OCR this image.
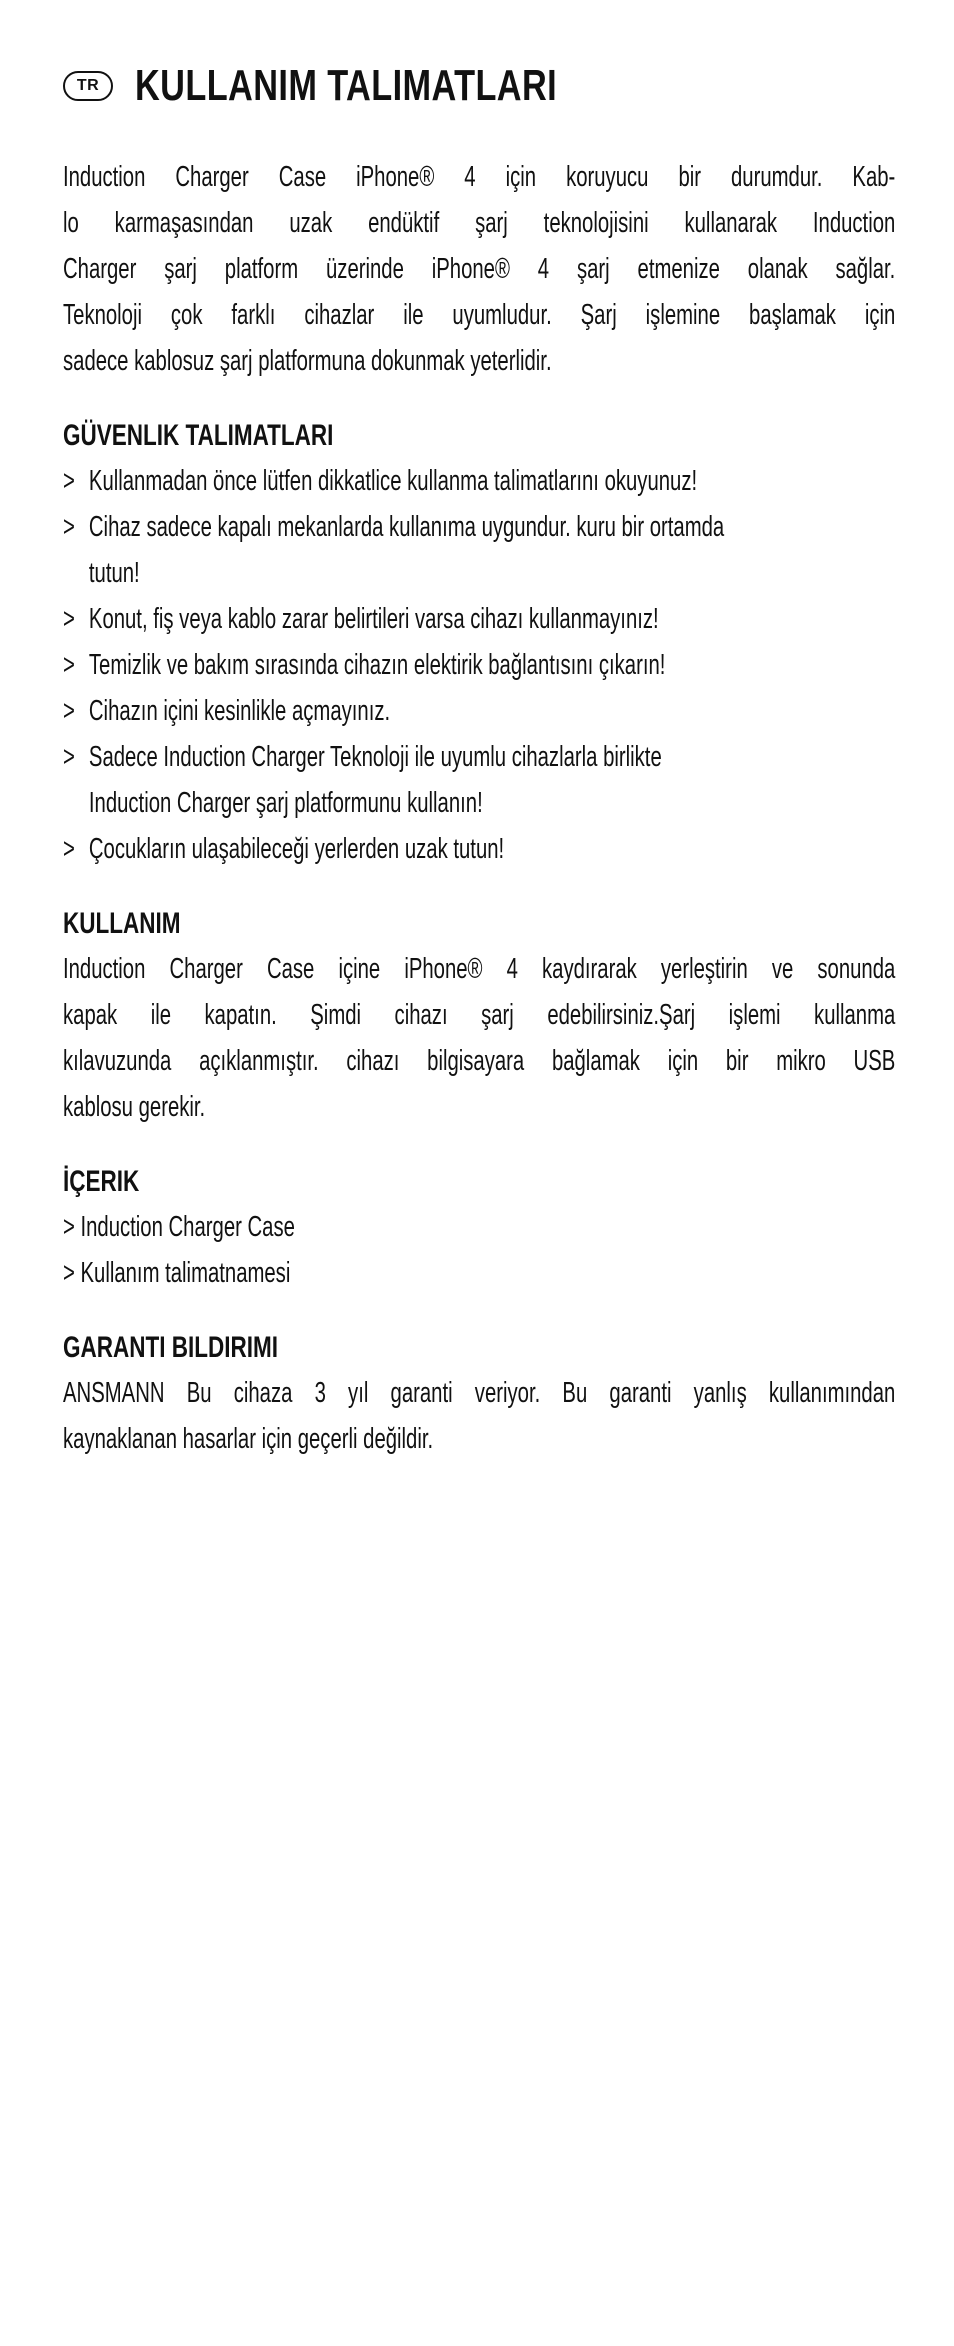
TR KULLANIM TALIMATLARI
Induction Charger Case iPhone® 4 için koruyucu bir durumdur. Kab-
lo karmaşasından uzak endüktif şarj teknolojisini kullanarak Induction
Charger şarj platform üzerinde iPhone® 4 şarj etmenize olanak sağlar.
Teknoloji çok farklı cihazlar ile uyumludur. Şarj işlemine başlamak için
sadece kablosuz şarj platformuna dokunmak yeterlidir.
GÜVENLIK TALIMATLARI
> Kullanmadan önce lütfen dikkatlice kullanma talimatlarını okuyunuz!
> Cihaz sadece kapalı mekanlarda kullanıma uygundur. kuru bir ortamda
tutun!
> Konut, fiş veya kablo zarar belirtileri varsa cihazı kullanmayınız!
> Temizlik ve bakım sırasında cihazın elektirik bağlantısını çıkarın!
> Cihazın içini kesinlikle açmayınız.
> Sadece Induction Charger Teknoloji ile uyumlu cihazlarla birlikte
Induction Charger şarj platformunu kullanın!
> Çocukların ulaşabileceği yerlerden uzak tutun!
KULLANIM
Induction Charger Case içine iPhone® 4 kaydırarak yerleştirin ve sonunda
kapak ile kapatın. Şimdi cihazı şarj edebilirsiniz.Şarj işlemi kullanma
kılavuzunda açıklanmıştır. cihazı bilgisayara bağlamak için bir mikro USB
kablosu gerekir.
İÇERIK
> Induction Charger Case
> Kullanım talimatnamesi
GARANTI BILDIRIMI
ANSMANN Bu cihaza 3 yıl garanti veriyor. Bu garanti yanlış kullanımından
kaynaklanan hasarlar için geçerli değildir.
